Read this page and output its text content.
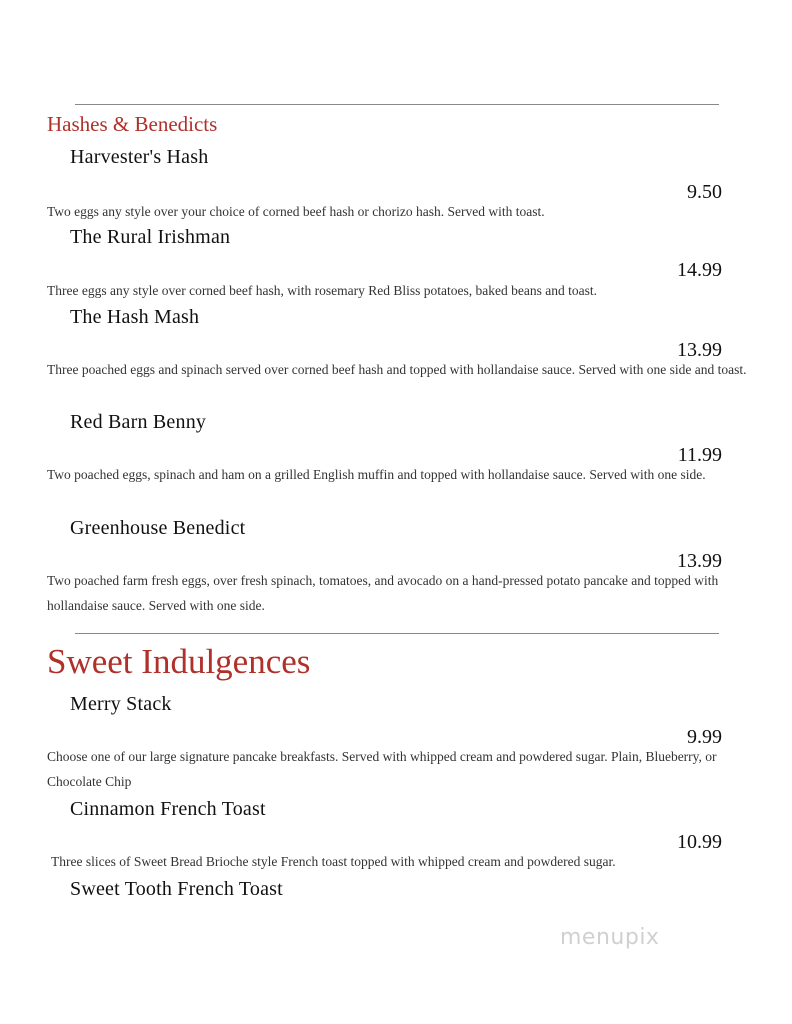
Hashes & Benedicts
Harvester's Hash
9.50
Two eggs any style over your choice of corned beef hash or chorizo hash. Served with toast.
The Rural Irishman
14.99
Three eggs any style over corned beef hash, with rosemary Red Bliss potatoes, baked beans and toast.
The Hash Mash
13.99
Three poached eggs and spinach served over corned beef hash and topped with hollandaise sauce. Served with one side and toast.
Red Barn Benny
11.99
Two poached eggs, spinach and ham on a grilled English muffin and topped with hollandaise sauce. Served with one side.
Greenhouse Benedict
13.99
Two poached farm fresh eggs, over fresh spinach, tomatoes, and avocado on a hand-pressed potato pancake and topped with hollandaise sauce. Served with one side.
Sweet Indulgences
Merry Stack
9.99
Choose one of our large signature pancake breakfasts. Served with whipped cream and powdered sugar. Plain, Blueberry, or Chocolate Chip
Cinnamon French Toast
10.99
Three slices of Sweet Bread Brioche style French toast topped with whipped cream and powdered sugar.
Sweet Tooth French Toast
menupix
